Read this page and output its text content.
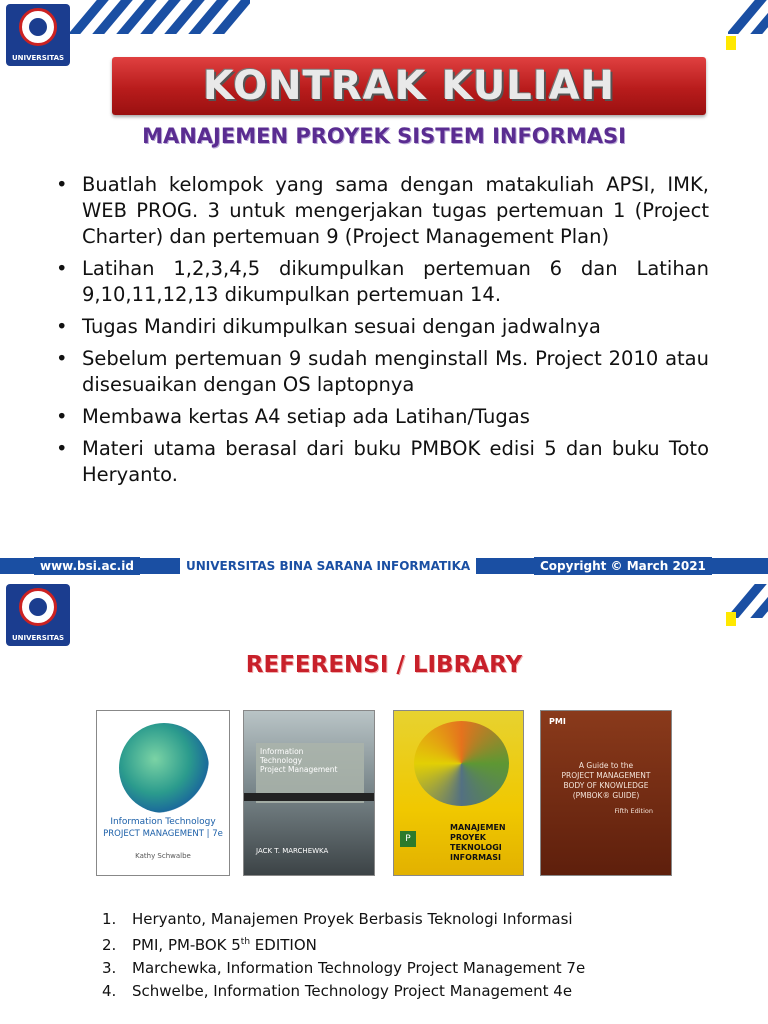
UNIVERSITAS
KONTRAK KULIAH
MANAJEMEN PROYEK SISTEM INFORMASI
• Buatlah kelompok yang sama dengan matakuliah APSI, IMK, WEB PROG. 3 untuk mengerjakan tugas pertemuan 1 (Project Charter) dan pertemuan 9 (Project Management Plan)
• Latihan 1,2,3,4,5 dikumpulkan pertemuan 6 dan Latihan 9,10,11,12,13 dikumpulkan pertemuan 14.
• Tugas Mandiri dikumpulkan sesuai dengan jadwalnya
• Sebelum pertemuan 9 sudah menginstall Ms. Project 2010 atau disesuaikan dengan OS laptopnya
• Membawa kertas A4 setiap ada Latihan/Tugas
• Materi utama berasal dari buku PMBOK edisi 5 dan buku Toto Heryanto.
www.bsi.ac.id	UNIVERSITAS BINA SARANA INFORMATIKA	Copyright © March 2021
UNIVERSITAS
REFERENSI / LIBRARY
Information Technology
PROJECT MANAGEMENT | 7e
Kathy Schwalbe
Information
Technology
Project Management
JACK T. MARCHEWKA
P
MANAJEMEN
PROYEK
TEKNOLOGI
INFORMASI
PMI
A Guide to the
PROJECT MANAGEMENT
BODY OF KNOWLEDGE
(PMBOK® GUIDE)
Fifth Edition
1. Heryanto, Manajemen Proyek Berbasis Teknologi Informasi
2. PMI, PM-BOK 5th EDITION
3. Marchewka, Information Technology Project Management 7e
4. Schwelbe, Information Technology Project Management 4e
